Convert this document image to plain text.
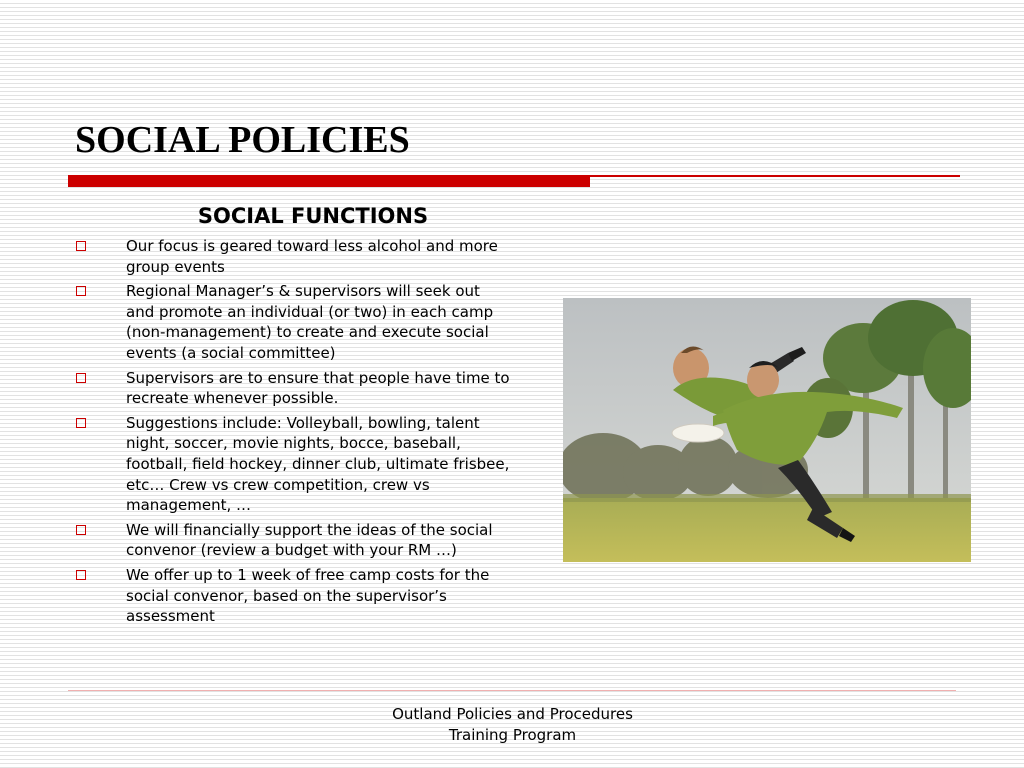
SOCIAL POLICIES
SOCIAL FUNCTIONS
Our focus is geared toward less alcohol and more group events
Regional Manager’s & supervisors will seek out and promote an individual (or two) in each camp (non-management) to create and execute social events (a social committee)
Supervisors are to ensure that people have time to recreate whenever possible.
Suggestions include: Volleyball, bowling, talent night, soccer, movie nights, bocce, baseball, football, field hockey, dinner club, ultimate frisbee, etc… Crew vs crew competition, crew vs management, …
We will financially support the ideas of the social convenor (review a budget with your RM …)
We offer up to 1 week of free camp costs for the social convenor, based on the supervisor’s assessment
Outland Policies and Procedures
Training Program
